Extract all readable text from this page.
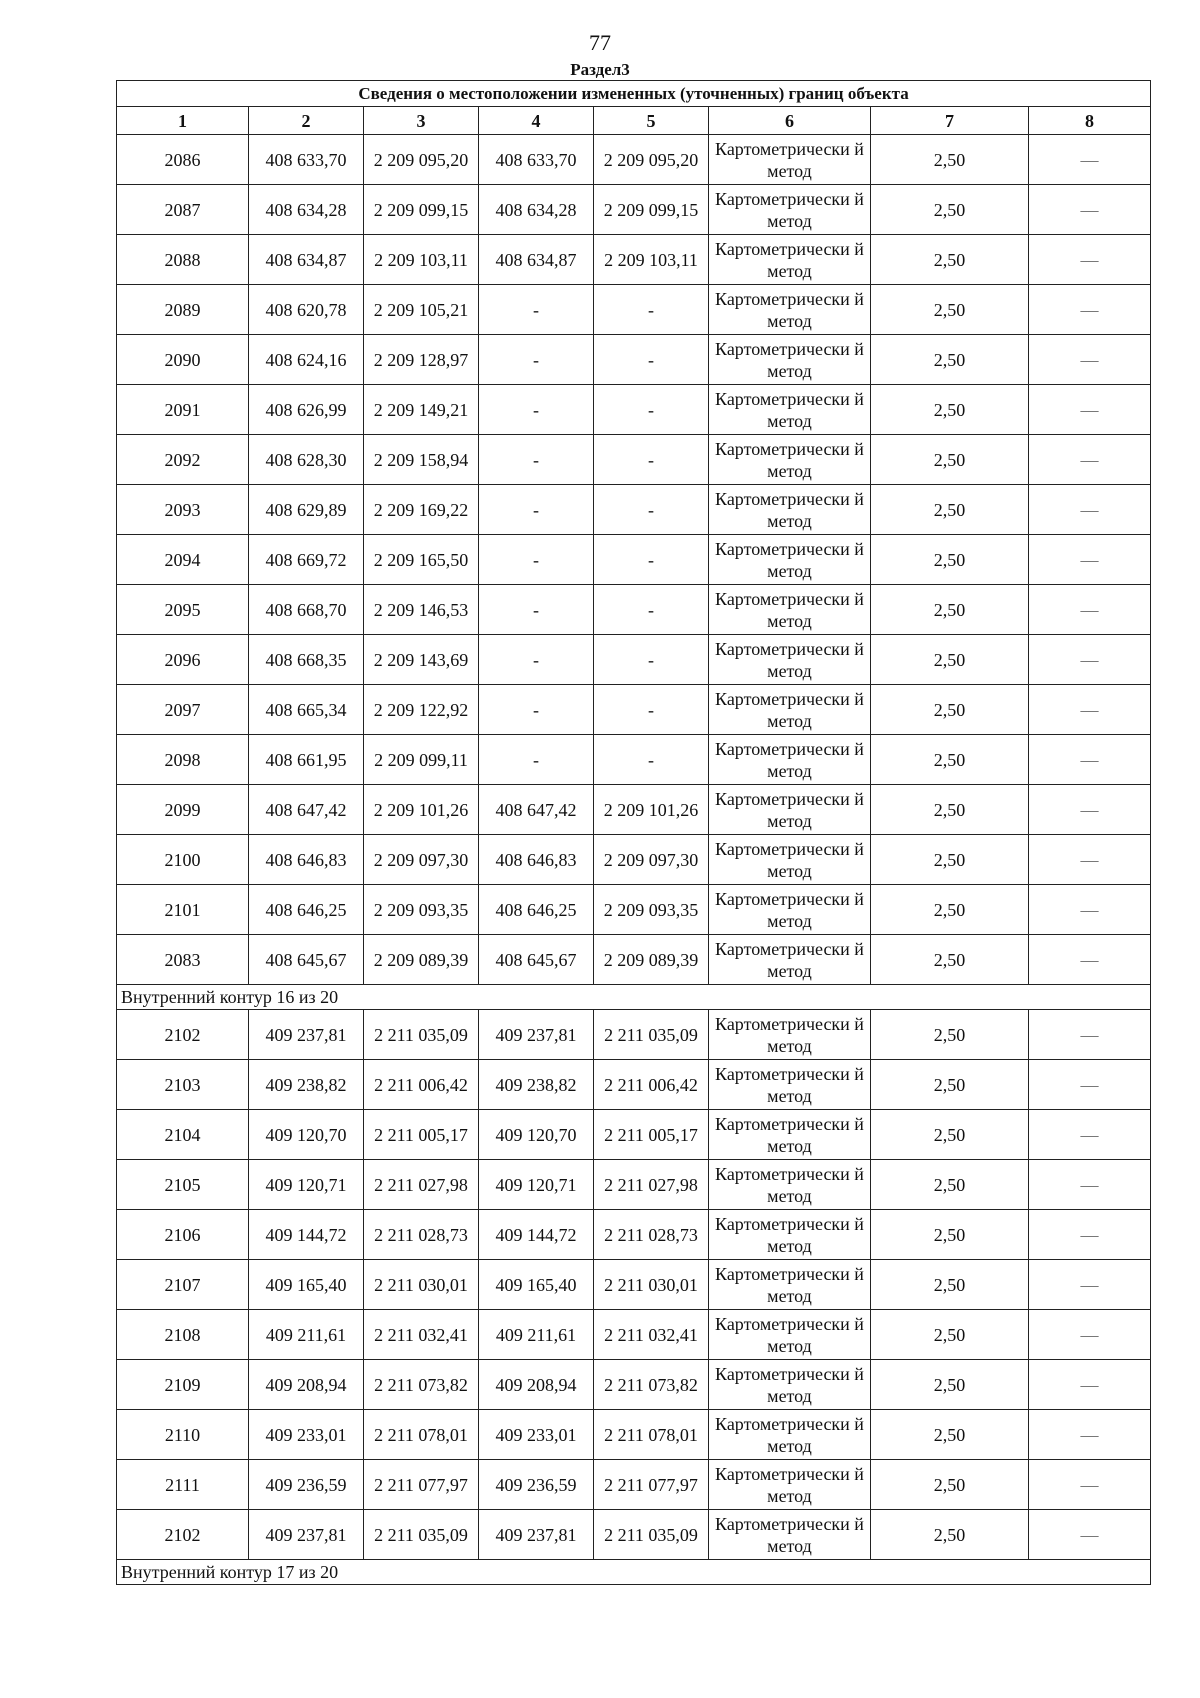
77
Раздел3
Сведения о местоположении измененных (уточненных) границ объекта							
1	2	3	4	5	6	7	8
2086	408 633,70	2 209 095,20	408 633,70	2 209 095,20	Картометрически й метод	2,50	—
2087	408 634,28	2 209 099,15	408 634,28	2 209 099,15	Картометрически й метод	2,50	—
2088	408 634,87	2 209 103,11	408 634,87	2 209 103,11	Картометрически й метод	2,50	—
2089	408 620,78	2 209 105,21	-	-	Картометрически й метод	2,50	—
2090	408 624,16	2 209 128,97	-	-	Картометрически й метод	2,50	—
2091	408 626,99	2 209 149,21	-	-	Картометрически й метод	2,50	—
2092	408 628,30	2 209 158,94	-	-	Картометрически й метод	2,50	—
2093	408 629,89	2 209 169,22	-	-	Картометрически й метод	2,50	—
2094	408 669,72	2 209 165,50	-	-	Картометрически й метод	2,50	—
2095	408 668,70	2 209 146,53	-	-	Картометрически й метод	2,50	—
2096	408 668,35	2 209 143,69	-	-	Картометрически й метод	2,50	—
2097	408 665,34	2 209 122,92	-	-	Картометрически й метод	2,50	—
2098	408 661,95	2 209 099,11	-	-	Картометрически й метод	2,50	—
2099	408 647,42	2 209 101,26	408 647,42	2 209 101,26	Картометрически й метод	2,50	—
2100	408 646,83	2 209 097,30	408 646,83	2 209 097,30	Картометрически й метод	2,50	—
2101	408 646,25	2 209 093,35	408 646,25	2 209 093,35	Картометрически й метод	2,50	—
2083	408 645,67	2 209 089,39	408 645,67	2 209 089,39	Картометрически й метод	2,50	—
Внутренний контур 16 из 20							
2102	409 237,81	2 211 035,09	409 237,81	2 211 035,09	Картометрически й метод	2,50	—
2103	409 238,82	2 211 006,42	409 238,82	2 211 006,42	Картометрически й метод	2,50	—
2104	409 120,70	2 211 005,17	409 120,70	2 211 005,17	Картометрически й метод	2,50	—
2105	409 120,71	2 211 027,98	409 120,71	2 211 027,98	Картометрически й метод	2,50	—
2106	409 144,72	2 211 028,73	409 144,72	2 211 028,73	Картометрически й метод	2,50	—
2107	409 165,40	2 211 030,01	409 165,40	2 211 030,01	Картометрически й метод	2,50	—
2108	409 211,61	2 211 032,41	409 211,61	2 211 032,41	Картометрически й метод	2,50	—
2109	409 208,94	2 211 073,82	409 208,94	2 211 073,82	Картометрически й метод	2,50	—
2110	409 233,01	2 211 078,01	409 233,01	2 211 078,01	Картометрически й метод	2,50	—
2111	409 236,59	2 211 077,97	409 236,59	2 211 077,97	Картометрически й метод	2,50	—
2102	409 237,81	2 211 035,09	409 237,81	2 211 035,09	Картометрически й метод	2,50	—
Внутренний контур 17 из 20							
